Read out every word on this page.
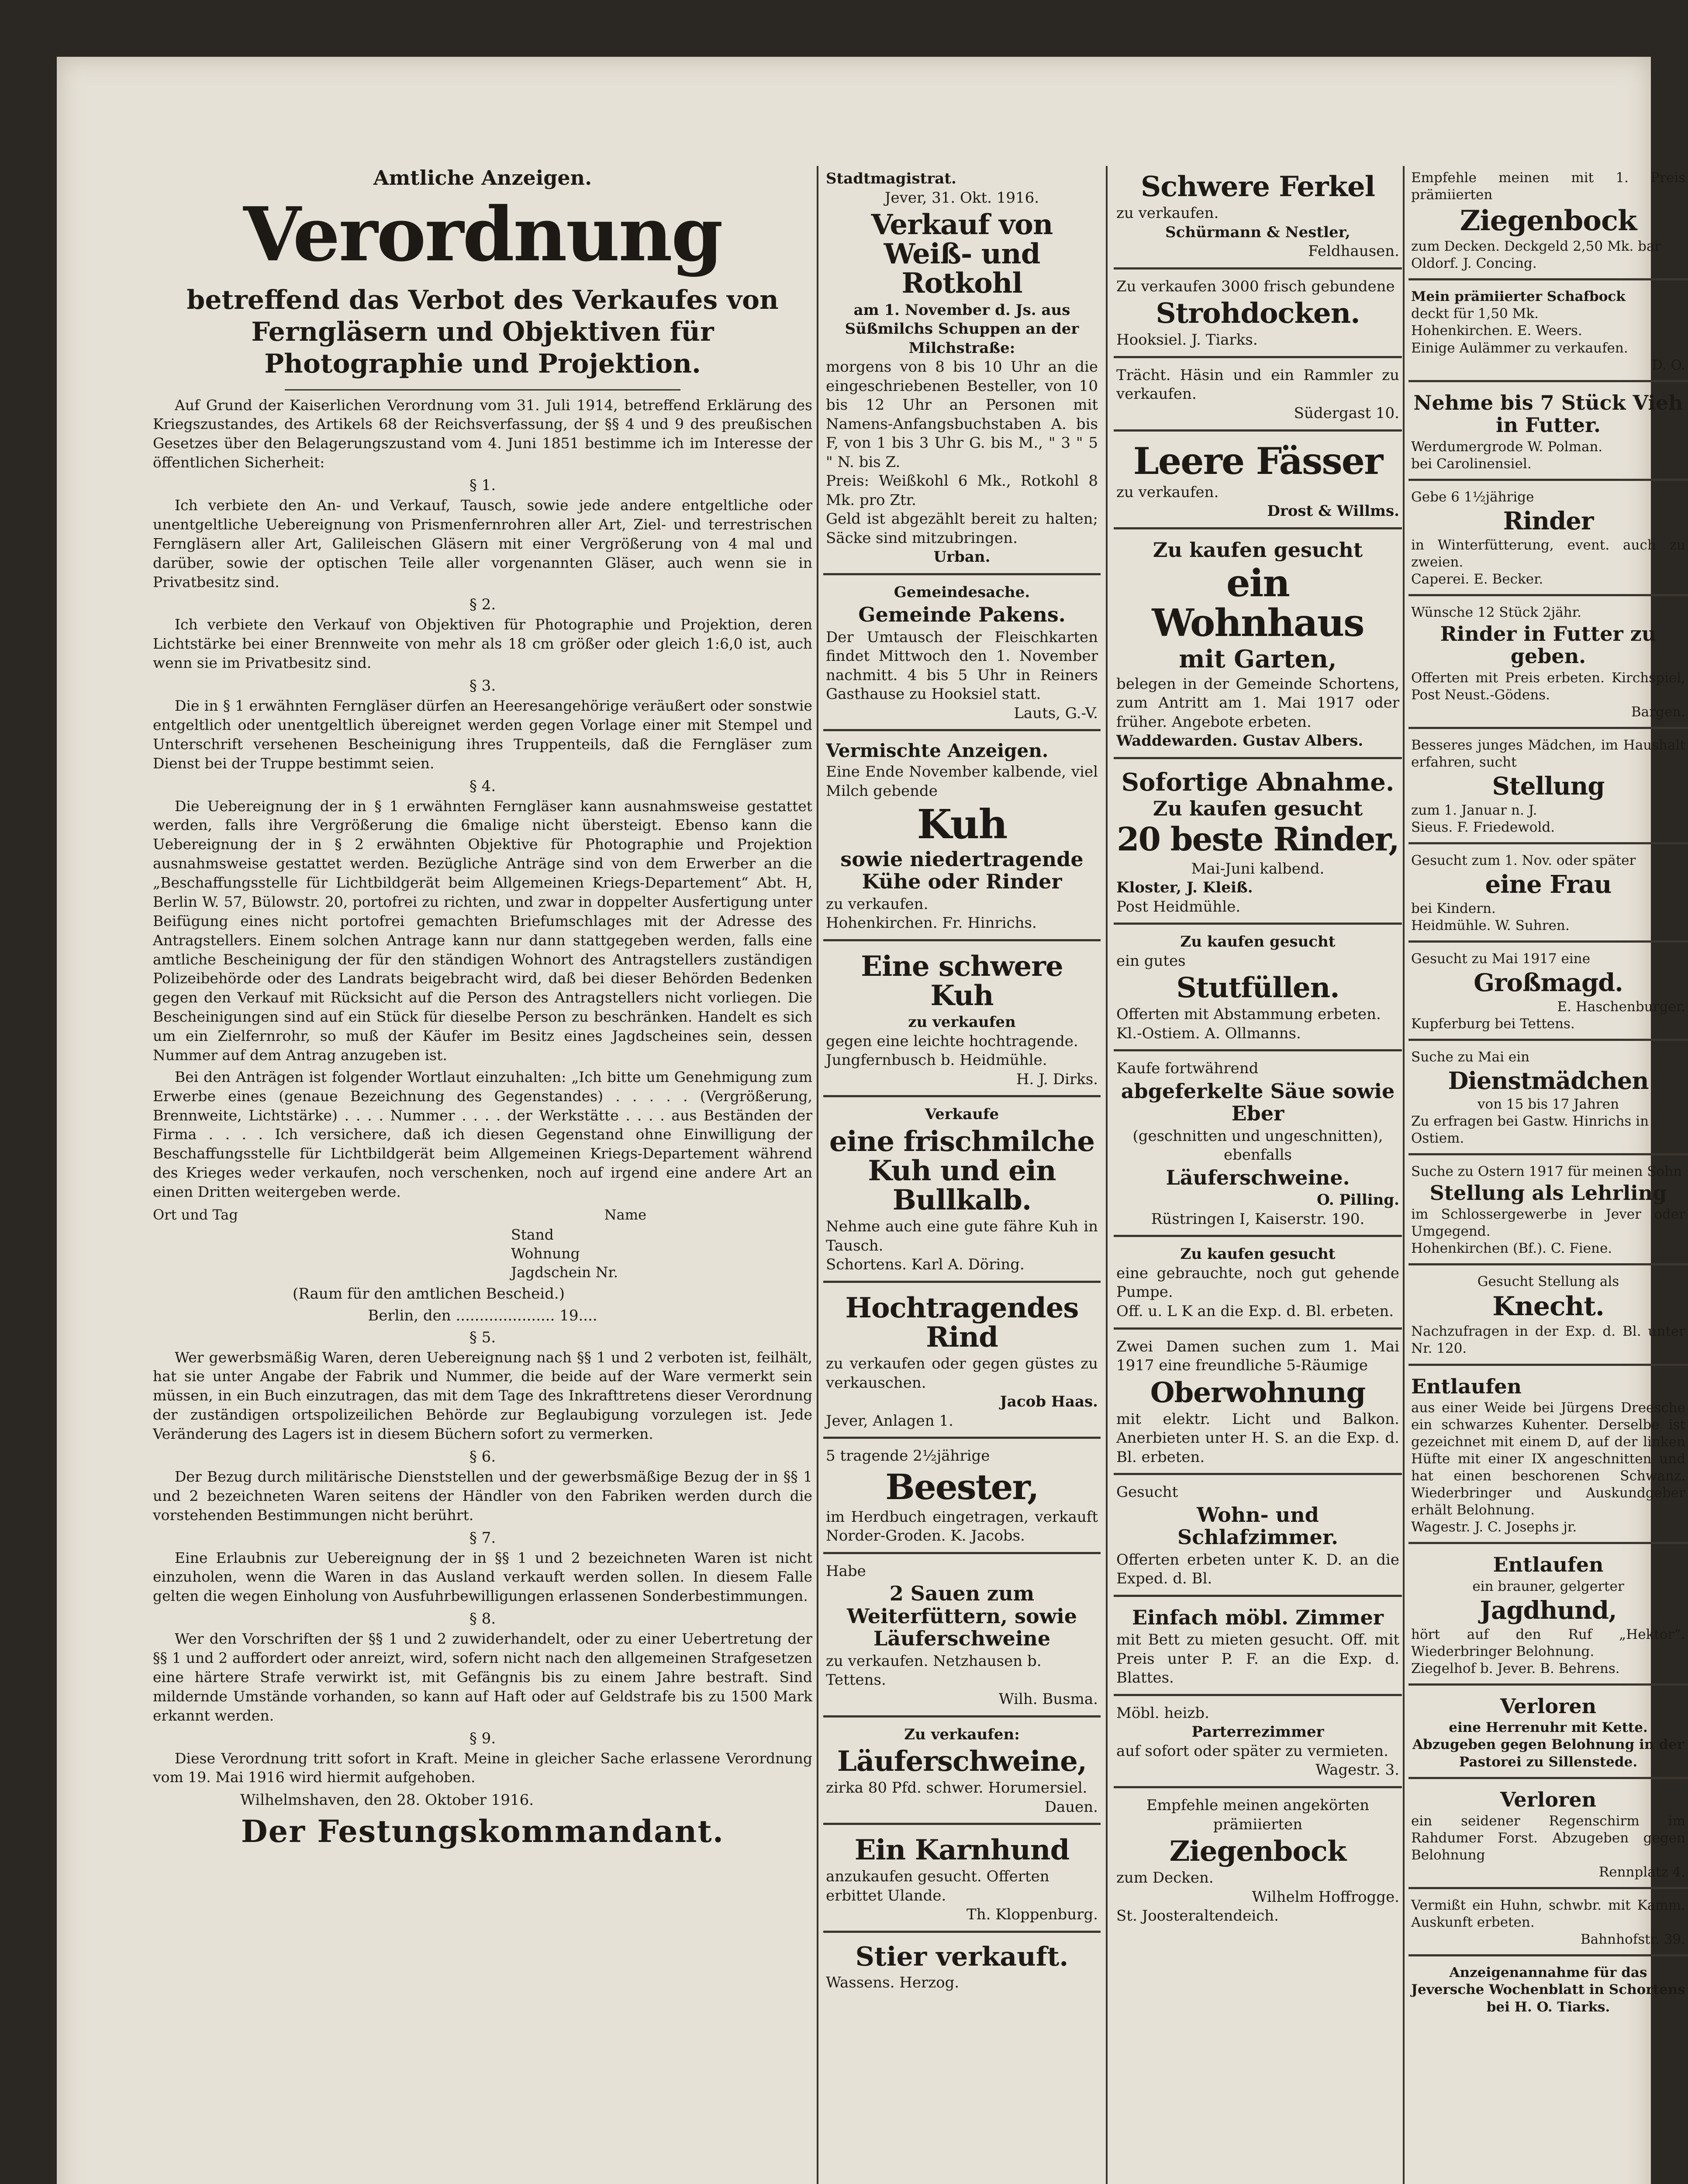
Amtliche Anzeigen.
Verordnung
betreffend das Verbot des Verkaufes von Ferngläsern und Objektiven für Photographie und Projektion.

Auf Grund der Kaiserlichen Verordnung vom 31. Juli 1914, betreffend Erklärung des Kriegszustandes, des Artikels 68 der Reichsverfassung, der §§ 4 und 9 des preußischen Gesetzes über den Belagerungszustand vom 4. Juni 1851 bestimme ich im Interesse der öffentlichen Sicherheit:

§ 1.

Ich verbiete den An- und Verkauf, Tausch, sowie jede andere entgeltliche oder unentgeltliche Uebereignung von Prismenfernrohren aller Art, Ziel- und terrestrischen Ferngläsern aller Art, Galileischen Gläsern mit einer Vergrößerung von 4 mal und darüber, sowie der optischen Teile aller vorgenannten Gläser, auch wenn sie in Privatbesitz sind.

§ 2.

Ich verbiete den Verkauf von Objektiven für Photographie und Projektion, deren Lichtstärke bei einer Brennweite von mehr als 18 cm größer oder gleich 1:6,0 ist, auch wenn sie im Privatbesitz sind.

§ 3.

Die in § 1 erwähnten Ferngläser dürfen an Heeresangehörige veräußert oder sonstwie entgeltlich oder unentgeltlich übereignet werden gegen Vorlage einer mit Stempel und Unterschrift versehenen Bescheinigung ihres Truppenteils, daß die Ferngläser zum Dienst bei der Truppe bestimmt seien.

§ 4.

Die Uebereignung der in § 1 erwähnten Ferngläser kann ausnahmsweise gestattet werden, falls ihre Vergrößerung die 6malige nicht übersteigt. Ebenso kann die Uebereignung der in § 2 erwähnten Objektive für Photographie und Projektion ausnahmsweise gestattet werden. Bezügliche Anträge sind von dem Erwerber an die „Beschaffungsstelle für Lichtbildgerät beim Allgemeinen Kriegs-Departement“ Abt. H, Berlin W. 57, Bülowstr. 20, portofrei zu richten, und zwar in doppelter Ausfertigung unter Beifügung eines nicht portofrei gemachten Briefumschlages mit der Adresse des Antragstellers. Einem solchen Antrage kann nur dann stattgegeben werden, falls eine amtliche Bescheinigung der für den ständigen Wohnort des Antragstellers zuständigen Polizeibehörde oder des Landrats beigebracht wird, daß bei dieser Behörden Bedenken gegen den Verkauf mit Rücksicht auf die Person des Antragstellers nicht vorliegen. Die Bescheinigungen sind auf ein Stück für dieselbe Person zu beschränken. Handelt es sich um ein Zielfernrohr, so muß der Käufer im Besitz eines Jagdscheines sein, dessen Nummer auf dem Antrag anzugeben ist.

Bei den Anträgen ist folgender Wortlaut einzuhalten: „Ich bitte um Genehmigung zum Erwerbe eines (genaue Bezeichnung des Gegenstandes) . . . . . (Vergrößerung, Brennweite, Lichtstärke) . . . . Nummer . . . . der Werkstätte . . . . aus Beständen der Firma . . . . Ich versichere, daß ich diesen Gegenstand ohne Einwilligung der Beschaffungsstelle für Lichtbildgerät beim Allgemeinen Kriegs-Departement während des Krieges weder verkaufen, noch verschenken, noch auf irgend eine andere Art an einen Dritten weitergeben werde.

Ort und Tag	Name
Stand
Wohnung
Jagdschein Nr.
(Raum für den amtlichen Bescheid.)
Berlin, den ..................... 19....
§ 5.

Wer gewerbsmäßig Waren, deren Uebereignung nach §§ 1 und 2 verboten ist, feilhält, hat sie unter Angabe der Fabrik und Nummer, die beide auf der Ware vermerkt sein müssen, in ein Buch einzutragen, das mit dem Tage des Inkrafttretens dieser Verordnung der zuständigen ortspolizeilichen Behörde zur Beglaubigung vorzulegen ist. Jede Veränderung des Lagers ist in diesem Büchern sofort zu vermerken.

§ 6.

Der Bezug durch militärische Dienststellen und der gewerbsmäßige Bezug der in §§ 1 und 2 bezeichneten Waren seitens der Händler von den Fabriken werden durch die vorstehenden Bestimmungen nicht berührt.

§ 7.

Eine Erlaubnis zur Uebereignung der in §§ 1 und 2 bezeichneten Waren ist nicht einzuholen, wenn die Waren in das Ausland verkauft werden sollen. In diesem Falle gelten die wegen Einholung von Ausfuhrbewilligungen erlassenen Sonderbestimmungen.

§ 8.

Wer den Vorschriften der §§ 1 und 2 zuwiderhandelt, oder zu einer Uebertretung der §§ 1 und 2 auffordert oder anreizt, wird, sofern nicht nach den allgemeinen Strafgesetzen eine härtere Strafe verwirkt ist, mit Gefängnis bis zu einem Jahre bestraft. Sind mildernde Umstände vorhanden, so kann auf Haft oder auf Geldstrafe bis zu 1500 Mark erkannt werden.

§ 9.

Diese Verordnung tritt sofort in Kraft. Meine in gleicher Sache erlassene Verordnung vom 19. Mai 1916 wird hiermit aufgehoben.

Wilhelmshaven, den 28. Oktober 1916.
Der Festungskommandant.

Stadtmagistrat.

Jever, 31. Okt. 1916.

Verkauf von Weiß- und Rotkohl

am 1. November d. Js. aus Süßmilchs Schuppen an der Milchstraße:

morgens von 8 bis 10 Uhr an die eingeschriebenen Besteller, von 10 bis 12 Uhr an Personen mit Namens-Anfangsbuchstaben A. bis F, von 1 bis 3 Uhr G. bis M., " 3 " 5 " N. bis Z.

Preis: Weißkohl 6 Mk., Rotkohl 8 Mk. pro Ztr.

Geld ist abgezählt bereit zu halten; Säcke sind mitzubringen.

Urban.

Gemeindesache.

Gemeinde Pakens.

Der Umtausch der Fleischkarten findet Mittwoch den 1. November nachmitt. 4 bis 5 Uhr in Reiners Gasthause zu Hooksiel statt.

Lauts, G.-V.

Vermischte Anzeigen.

Eine Ende November kalbende, viel Milch gebende

Kuh
sowie niedertragende Kühe oder Rinder

zu verkaufen.

Hohenkirchen. Fr. Hinrichs.

Eine schwere Kuh

zu verkaufen

gegen eine leichte hochtragende. Jungfernbusch b. Heidmühle.

H. J. Dirks.

Verkaufe

eine frischmilche Kuh und ein Bullkalb.

Nehme auch eine gute fähre Kuh in Tausch.

Schortens. Karl A. Döring.

Hochtragendes Rind

zu verkaufen oder gegen güstes zu verkauschen.

Jacob Haas.

Jever, Anlagen 1.

5 tragende 2½jährige

Beester,

im Herdbuch eingetragen, verkauft Norder-Groden. K. Jacobs.

Habe

2 Sauen zum Weiterfüttern, sowie Läuferschweine

zu verkaufen. Netzhausen b. Tettens.

Wilh. Busma.

Zu verkaufen:

Läuferschweine,

zirka 80 Pfd. schwer. Horumersiel.

Dauen.

Ein Karnhund

anzukaufen gesucht. Offerten erbittet Ulande.

Th. Kloppenburg.

Stier verkauft.

Wassens. Herzog.

Schwere Ferkel

zu verkaufen.

Schürmann & Nestler,

Feldhausen.

Zu verkaufen 3000 frisch gebundene

Strohdocken.

Hooksiel. J. Tiarks.

Trächt. Häsin und ein Rammler zu verkaufen.

Südergast 10.

Leere Fässer

zu verkaufen.

Drost & Willms.

Zu kaufen gesucht
ein Wohnhaus
mit Garten,

belegen in der Gemeinde Schortens, zum Antritt am 1. Mai 1917 oder früher. Angebote erbeten.

Waddewarden. Gustav Albers.

Sofortige Abnahme.
Zu kaufen gesucht
20 beste Rinder,

Mai-Juni kalbend.

Kloster, J. Kleiß.

Post Heidmühle.

Zu kaufen gesucht

ein gutes

Stutfüllen.

Offerten mit Abstammung erbeten.

Kl.-Ostiem. A. Ollmanns.

Kaufe fortwährend

abgeferkelte Säue sowie Eber

(geschnitten und ungeschnitten), ebenfalls

Läuferschweine.

O. Pilling.

Rüstringen I, Kaiserstr. 190.

Zu kaufen gesucht

eine gebrauchte, noch gut gehende Pumpe.

Off. u. L K an die Exp. d. Bl. erbeten.

Zwei Damen suchen zum 1. Mai 1917 eine freundliche 5-Räumige

Oberwohnung

mit elektr. Licht und Balkon. Anerbieten unter H. S. an die Exp. d. Bl. erbeten.

Gesucht

Wohn- und Schlafzimmer.

Offerten erbeten unter K. D. an die Exped. d. Bl.

Einfach möbl. Zimmer

mit Bett zu mieten gesucht. Off. mit Preis unter P. F. an die Exp. d. Blattes.

Möbl. heizb.

Parterrezimmer

auf sofort oder später zu vermieten.

Wagestr. 3.

Empfehle meinen angekörten prämiierten

Ziegenbock

zum Decken.

Wilhelm Hoffrogge.

St. Joosteraltendeich.

Empfehle meinen mit 1. Preis prämiierten

Ziegenbock

zum Decken. Deckgeld 2,50 Mk. bar

Oldorf. J. Concing.

Mein prämiierter Schafbock

deckt für 1,50 Mk.

Hohenkirchen. E. Weers.

Einige Aulämmer zu verkaufen.

D. O.

Nehme bis 7 Stück Vieh in Futter.

Werdumergrode W. Polman.

bei Carolinensiel.

Gebe 6 1½jährige

Rinder

in Winterfütterung, event. auch zu zweien.

Caperei. E. Becker.

Wünsche 12 Stück 2jähr.

Rinder in Futter zu geben.

Offerten mit Preis erbeten. Kirchspiel, Post Neust.-Gödens.

Bargen.

Besseres junges Mädchen, im Haushalt erfahren, sucht

Stellung

zum 1. Januar n. J.

Sieus. F. Friedewold.

Gesucht zum 1. Nov. oder später

eine Frau

bei Kindern.

Heidmühle. W. Suhren.

Gesucht zu Mai 1917 eine

Großmagd.

E. Haschenburger.

Kupferburg bei Tettens.

Suche zu Mai ein

Dienstmädchen

von 15 bis 17 Jahren

Zu erfragen bei Gastw. Hinrichs in Ostiem.

Suche zu Ostern 1917 für meinen Sohn

Stellung als Lehrling

im Schlossergewerbe in Jever oder Umgegend.

Hohenkirchen (Bf.). C. Fiene.

Gesucht Stellung als

Knecht.

Nachzufragen in der Exp. d. Bl. unter Nr. 120.

Entlaufen

aus einer Weide bei Jürgens Dreesche ein schwarzes Kuhenter. Derselbe ist gezeichnet mit einem D, auf der linken Hüfte mit einer IX angeschnitten und hat einen beschorenen Schwanz. Wiederbringer und Auskundgeber erhält Belohnung.

Wagestr. J. C. Josephs jr.

Entlaufen

ein brauner, gelgerter

Jagdhund,

hört auf den Ruf „Hektor“. Wiederbringer Belohnung.

Ziegelhof b. Jever. B. Behrens.

Verloren

eine Herrenuhr mit Kette. Abzugeben gegen Belohnung in der Pastorei zu Sillenstede.

Verloren

ein seidener Regenschirm im Rahdumer Forst. Abzugeben gegen Belohnung

Rennplatz 4.

Vermißt ein Huhn, schwbr. mit Kamm. Auskunft erbeten.

Bahnhofstr. 39.

Anzeigenannahme für das Jeversche Wochenblatt in Schortens bei H. O. Tiarks.
